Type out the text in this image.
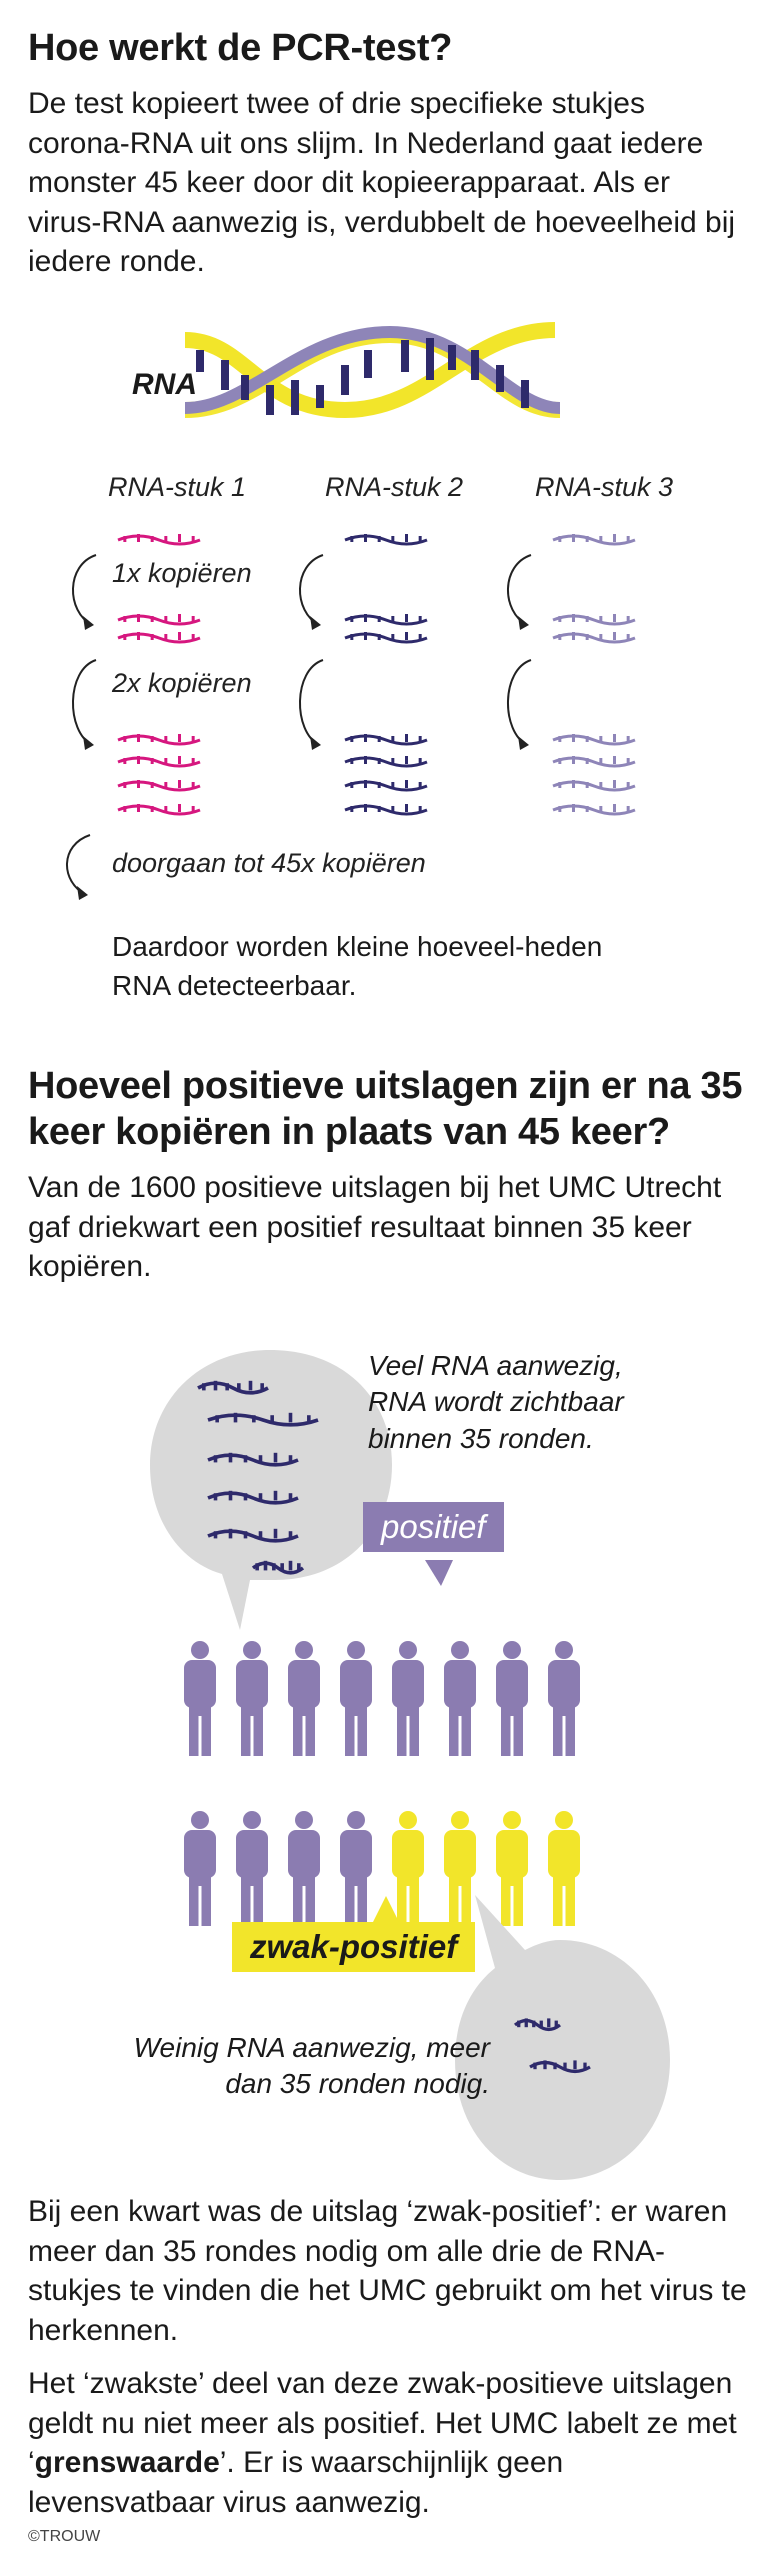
Hoe werkt de PCR-test?
De test kopieert twee of drie specifieke stukjes corona-RNA uit ons slijm. In Nederland gaat iedere monster 45 keer door dit kopieerapparaat. Als er virus-RNA aanwezig is, verdubbelt de hoeveelheid bij iedere ronde.
RNA
RNA-stuk 1	RNA-stuk 2	RNA-stuk 3
1x kopiëren
2x kopiëren
doorgaan tot 45x kopiëren
Daardoor worden kleine hoeveel-heden RNA detecteerbaar.
Hoeveel positieve uitslagen zijn er na 35 keer kopiëren in plaats van 45 keer?
Van de 1600 positieve uitslagen bij het UMC Utrecht gaf driekwart een positief resultaat binnen 35 keer kopiëren.
Veel RNA aanwezig, RNA wordt zichtbaar binnen 35 ronden.
positief
zwak-positief
Weinig RNA aanwezig, meer dan 35 ronden nodig.
Bij een kwart was de uitslag ‘zwak-positief’: er waren meer dan 35 rondes nodig om alle drie de RNA-stukjes te vinden die het UMC gebruikt om het virus te herkennen.
Het ‘zwakste’ deel van deze zwak-positieve uitslagen geldt nu niet meer als positief. Het UMC labelt ze met ‘grenswaarde’. Er is waarschijnlijk geen levensvatbaar virus aanwezig.
©TROUW
